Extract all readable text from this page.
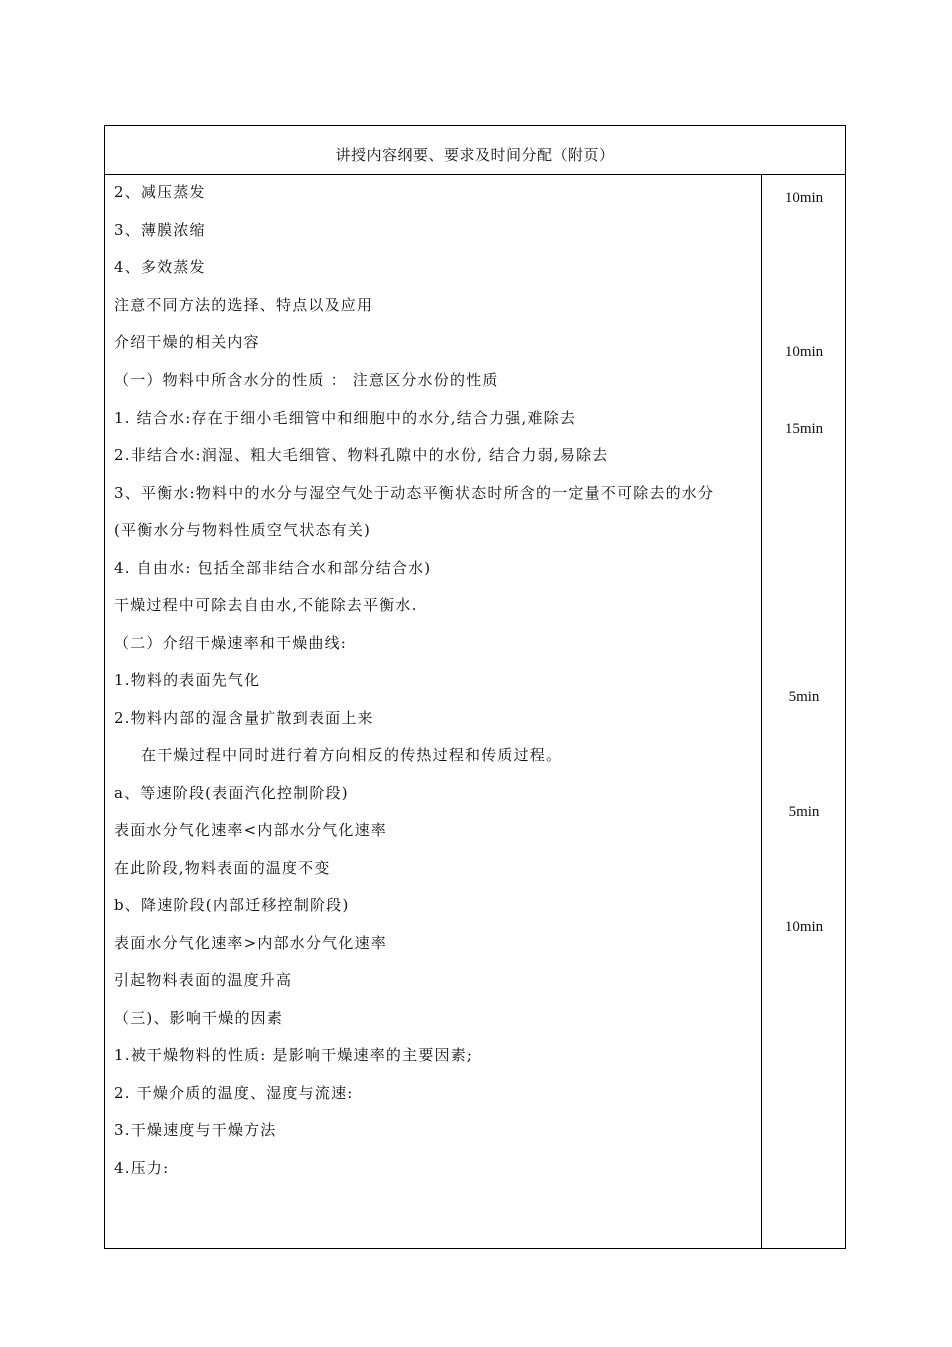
讲授内容纲要、要求及时间分配（附页）
2、减压蒸发
3、薄膜浓缩
4、多效蒸发
注意不同方法的选择、特点以及应用
介绍干燥的相关内容
（一）物料中所含水分的性质 ： 注意区分水份的性质
1. 结合水:存在于细小毛细管中和细胞中的水分,结合力强,难除去
2.非结合水:润湿、粗大毛细管、物料孔隙中的水份, 结合力弱,易除去
3、平衡水:物料中的水分与湿空气处于动态平衡状态时所含的一定量不可除去的水分
(平衡水分与物料性质空气状态有关)
4. 自由水: 包括全部非结合水和部分结合水)
干燥过程中可除去自由水,不能除去平衡水.
（二）介绍干燥速率和干燥曲线:
1.物料的表面先气化
2.物料内部的湿含量扩散到表面上来
在干燥过程中同时进行着方向相反的传热过程和传质过程。
a、等速阶段(表面汽化控制阶段)
表面水分气化速率<内部水分气化速率
在此阶段,物料表面的温度不变
b、降速阶段(内部迁移控制阶段)
表面水分气化速率>内部水分气化速率
引起物料表面的温度升高
（三)、影响干燥的因素
1.被干燥物料的性质: 是影响干燥速率的主要因素;
2. 干燥介质的温度、湿度与流速:
3.干燥速度与干燥方法
4.压力:
10min
10min
15min
5min
5min
10min
